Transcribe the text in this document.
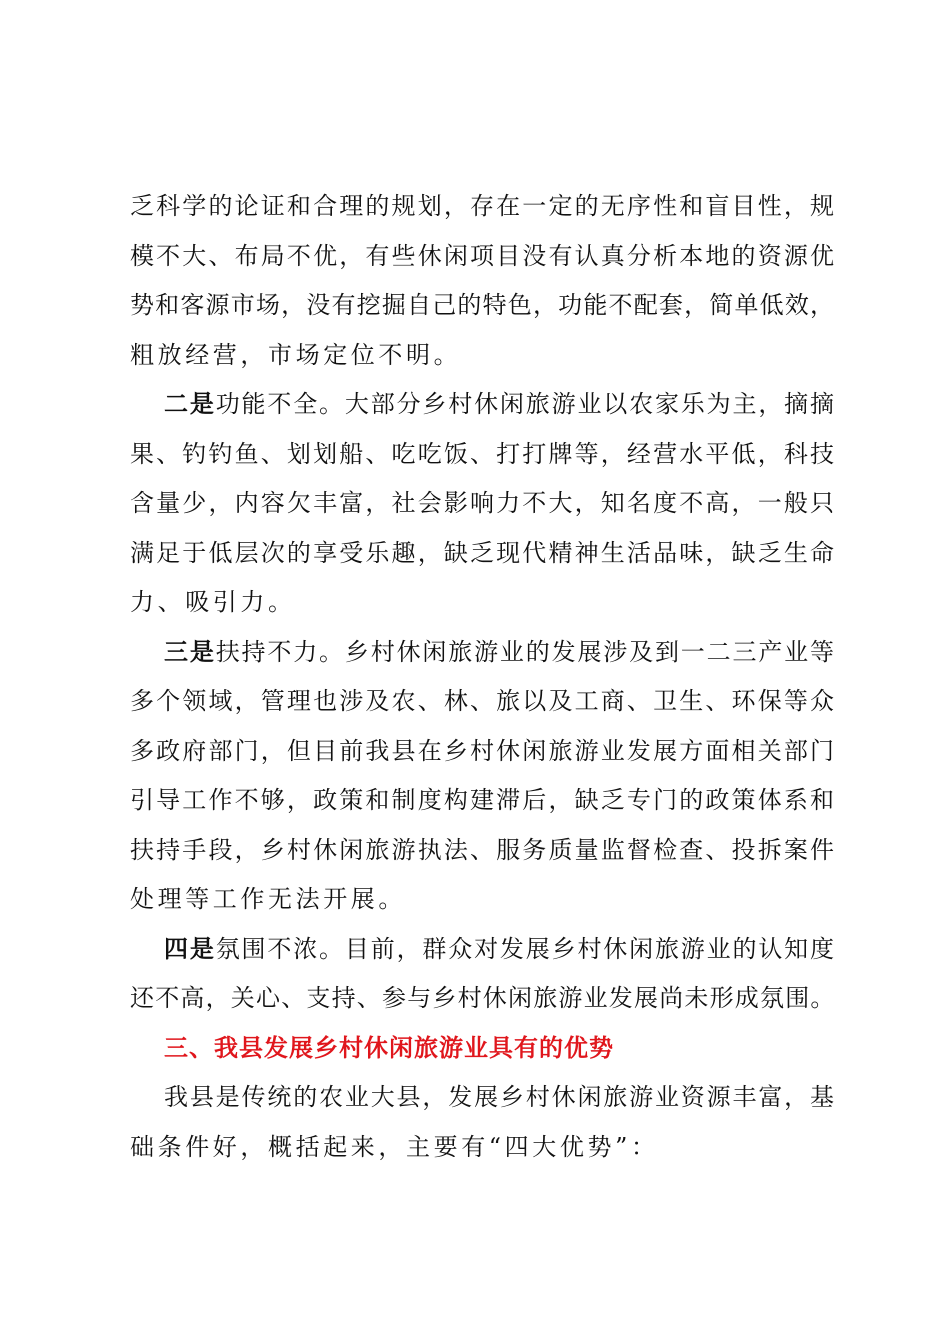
乏科学的论证和合理的规划，存在一定的无序性和盲目性，规
模不大、布局不优，有些休闲项目没有认真分析本地的资源优
势和客源市场，没有挖掘自己的特色，功能不配套，简单低效，
粗放经营，市场定位不明。
二是功能不全。大部分乡村休闲旅游业以农家乐为主，摘摘
果、钓钓鱼、划划船、吃吃饭、打打牌等，经营水平低，科技
含量少，内容欠丰富，社会影响力不大，知名度不高，一般只
满足于低层次的享受乐趣，缺乏现代精神生活品味，缺乏生命
力、吸引力。
三是扶持不力。乡村休闲旅游业的发展涉及到一二三产业等
多个领域，管理也涉及农、林、旅以及工商、卫生、环保等众
多政府部门，但目前我县在乡村休闲旅游业发展方面相关部门
引导工作不够，政策和制度构建滞后，缺乏专门的政策体系和
扶持手段，乡村休闲旅游执法、服务质量监督检查、投拆案件
处理等工作无法开展。
四是氛围不浓。目前，群众对发展乡村休闲旅游业的认知度
还不高，关心、支持、参与乡村休闲旅游业发展尚未形成氛围。
三、我县发展乡村休闲旅游业具有的优势
我县是传统的农业大县，发展乡村休闲旅游业资源丰富，基
础条件好，概括起来，主要有“四大优势”：
